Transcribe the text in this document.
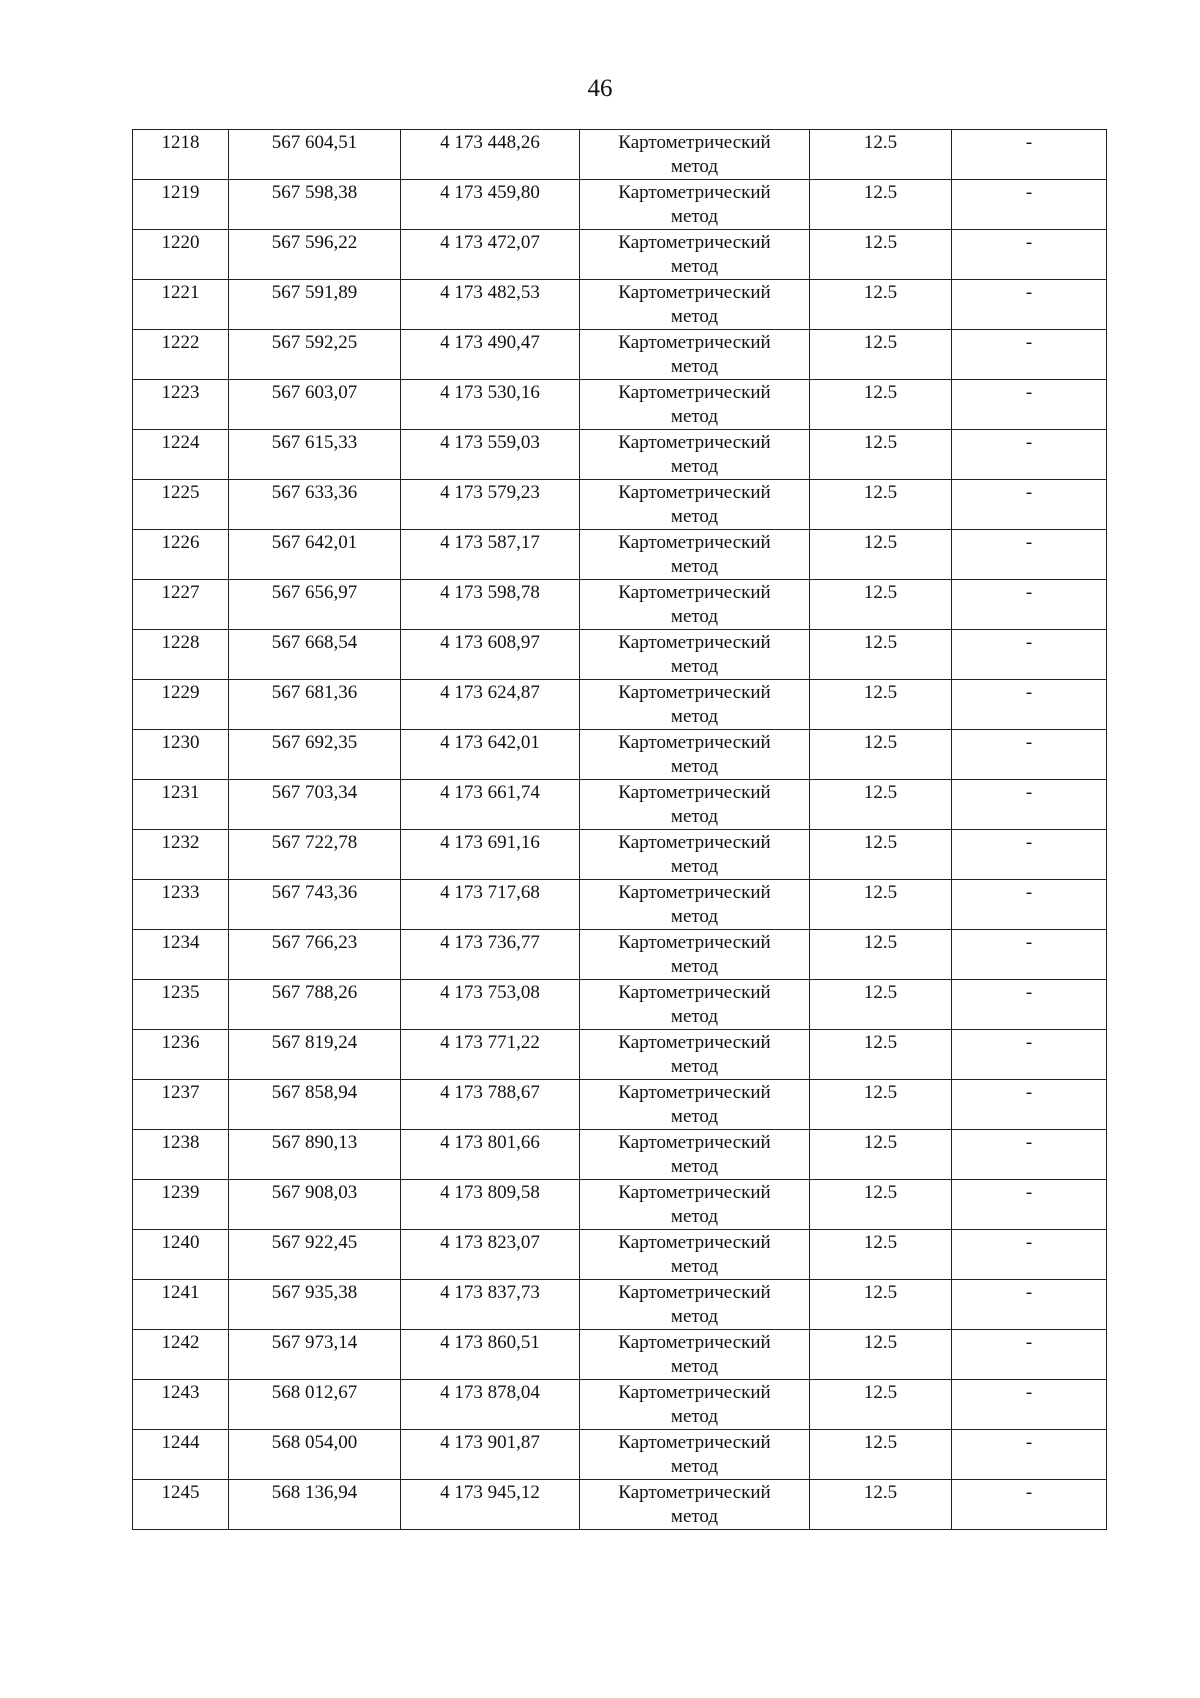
46
1218	567 604,51	4 173 448,26	Картометрический
метод	12.5	-

1219	567 598,38	4 173 459,80	Картометрический
метод	12.5	-

1220	567 596,22	4 173 472,07	Картометрический
метод	12.5	-

1221	567 591,89	4 173 482,53	Картометрический
метод	12.5	-

1222	567 592,25	4 173 490,47	Картометрический
метод	12.5	-

1223	567 603,07	4 173 530,16	Картометрический
метод	12.5	-

1224	567 615,33	4 173 559,03	Картометрический
метод	12.5	-

1225	567 633,36	4 173 579,23	Картометрический
метод	12.5	-

1226	567 642,01	4 173 587,17	Картометрический
метод	12.5	-

1227	567 656,97	4 173 598,78	Картометрический
метод	12.5	-

1228	567 668,54	4 173 608,97	Картометрический
метод	12.5	-

1229	567 681,36	4 173 624,87	Картометрический
метод	12.5	-

1230	567 692,35	4 173 642,01	Картометрический
метод	12.5	-

1231	567 703,34	4 173 661,74	Картометрический
метод	12.5	-

1232	567 722,78	4 173 691,16	Картометрический
метод	12.5	-

1233	567 743,36	4 173 717,68	Картометрический
метод	12.5	-

1234	567 766,23	4 173 736,77	Картометрический
метод	12.5	-

1235	567 788,26	4 173 753,08	Картометрический
метод	12.5	-

1236	567 819,24	4 173 771,22	Картометрический
метод	12.5	-

1237	567 858,94	4 173 788,67	Картометрический
метод	12.5	-

1238	567 890,13	4 173 801,66	Картометрический
метод	12.5	-

1239	567 908,03	4 173 809,58	Картометрический
метод	12.5	-

1240	567 922,45	4 173 823,07	Картометрический
метод	12.5	-

1241	567 935,38	4 173 837,73	Картометрический
метод	12.5	-

1242	567 973,14	4 173 860,51	Картометрический
метод	12.5	-

1243	568 012,67	4 173 878,04	Картометрический
метод	12.5	-

1244	568 054,00	4 173 901,87	Картометрический
метод	12.5	-

1245	568 136,94	4 173 945,12	Картометрический
метод	12.5	-
